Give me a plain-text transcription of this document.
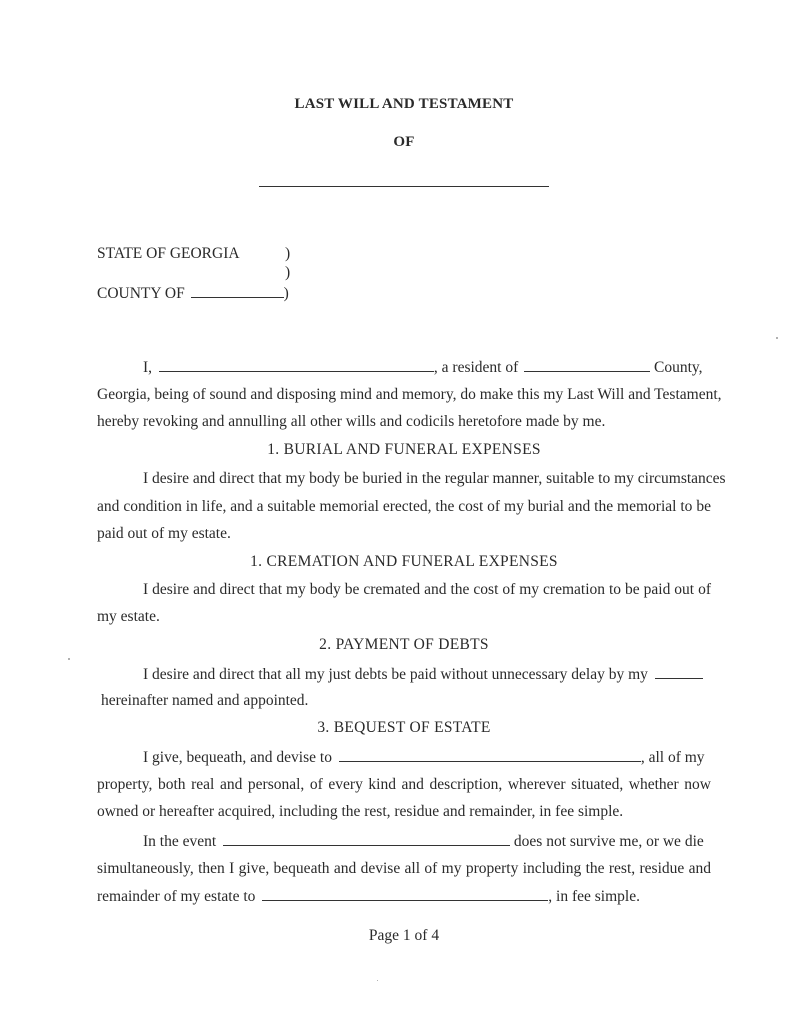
LAST WILL AND TESTAMENT
OF
STATE OF GEORGIA	)
)
COUNTY OF	)
I,	, a resident of	County,
Georgia, being of sound and disposing mind and memory, do make this my Last Will and Testament,
hereby revoking and annulling all other wills and codicils heretofore made by me.
1. BURIAL AND FUNERAL EXPENSES
I desire and direct that my body be buried in the regular manner, suitable to my circumstances
and condition in life, and a suitable memorial erected, the cost of my burial and the memorial to be
paid out of my estate.
1. CREMATION AND FUNERAL EXPENSES
I desire and direct that my body be cremated and the cost of my cremation to be paid out of
my estate.
2. PAYMENT OF DEBTS
I desire and direct that all my just debts be paid without unnecessary delay by my
hereinafter named and appointed.
3. BEQUEST OF ESTATE
I give, bequeath, and devise to	, all of my
property, both real and personal, of every kind and description, wherever situated, whether now
owned or hereafter acquired, including the rest, residue and remainder, in fee simple.
In the event	does not survive me, or we die
simultaneously, then I give, bequeath and devise all of my property including the rest, residue and
remainder of my estate to	, in fee simple.
Page 1 of 4
